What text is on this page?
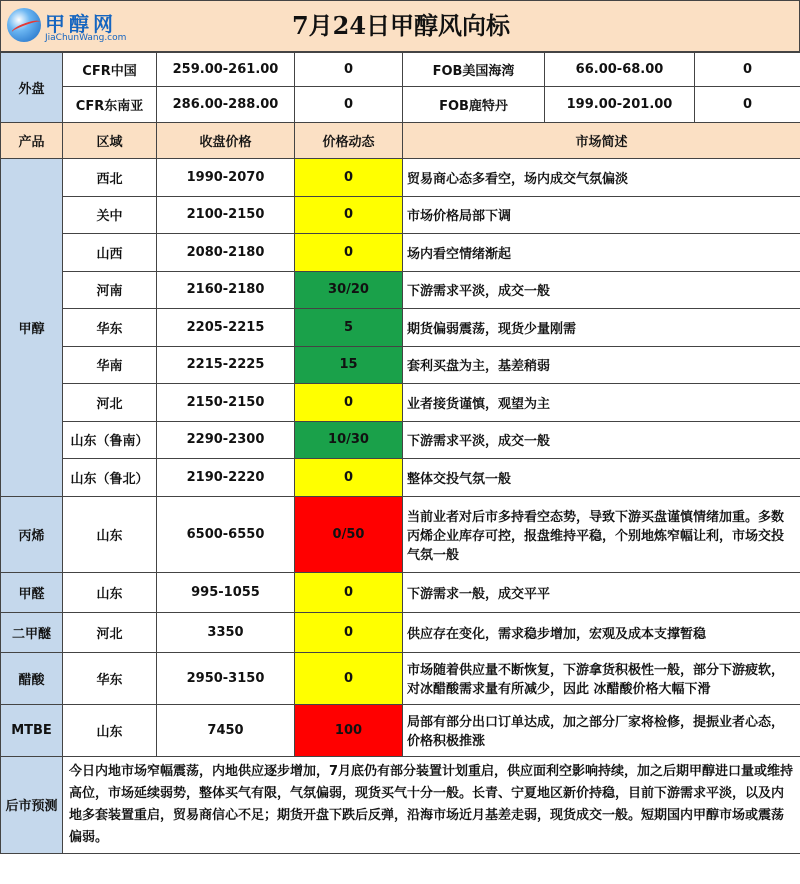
甲醇网
JiaChunWang.com	7月24日甲醇风向标
外盘	CFR中国	259.00-261.00	0	FOB美国海湾	66.00-68.00	0
	CFR东南亚	286.00-288.00	0	FOB鹿特丹	199.00-201.00	0
产品	区域	收盘价格	价格动态	市场简述		
甲醇	西北	1990-2070	0	贸易商心态多看空，场内成交气氛偏淡		
	关中	2100-2150	0	市场价格局部下调		
	山西	2080-2180	0	场内看空情绪渐起		
	河南	2160-2180	30/20	下游需求平淡，成交一般		
	华东	2205-2215	5	期货偏弱震荡，现货少量刚需		
	华南	2215-2225	15	套利买盘为主，基差稍弱		
	河北	2150-2150	0	业者接货谨慎，观望为主		
	山东（鲁南）	2290-2300	10/30	下游需求平淡，成交一般		
	山东（鲁北）	2190-2220	0	整体交投气氛一般		
丙烯	山东	6500-6550	0/50	当前业者对后市多持看空态势，导致下游买盘谨慎情绪加重。多数丙烯企业库存可控，报盘维持平稳，个别地炼窄幅让利，市场交投气氛一般		
甲醛	山东	995-1055	0	下游需求一般，成交平平		
二甲醚	河北	3350	0	供应存在变化，需求稳步增加，宏观及成本支撑暂稳		
醋酸	华东	2950-3150	0	市场随着供应量不断恢复，下游拿货积极性一般，部分下游疲软，对冰醋酸需求量有所减少，因此 冰醋酸价格大幅下滑		
MTBE	山东	7450	100	局部有部分出口订单达成，加之部分厂家将检修，提振业者心态，价格积极推涨		
后市预测	今日内地市场窄幅震荡，内地供应逐步增加，7月底仍有部分装置计划重启，供应面利空影响持续，加之后期甲醇进口量或维持高位，市场延续弱势，整体买气有限，气氛偏弱，现货买气十分一般。长青、宁夏地区新价持稳，目前下游需求平淡，以及内地多套装置重启，贸易商信心不足；期货开盘下跌后反弹，沿海市场近月基差走弱，现货成交一般。短期国内甲醇市场或震荡偏弱。					
